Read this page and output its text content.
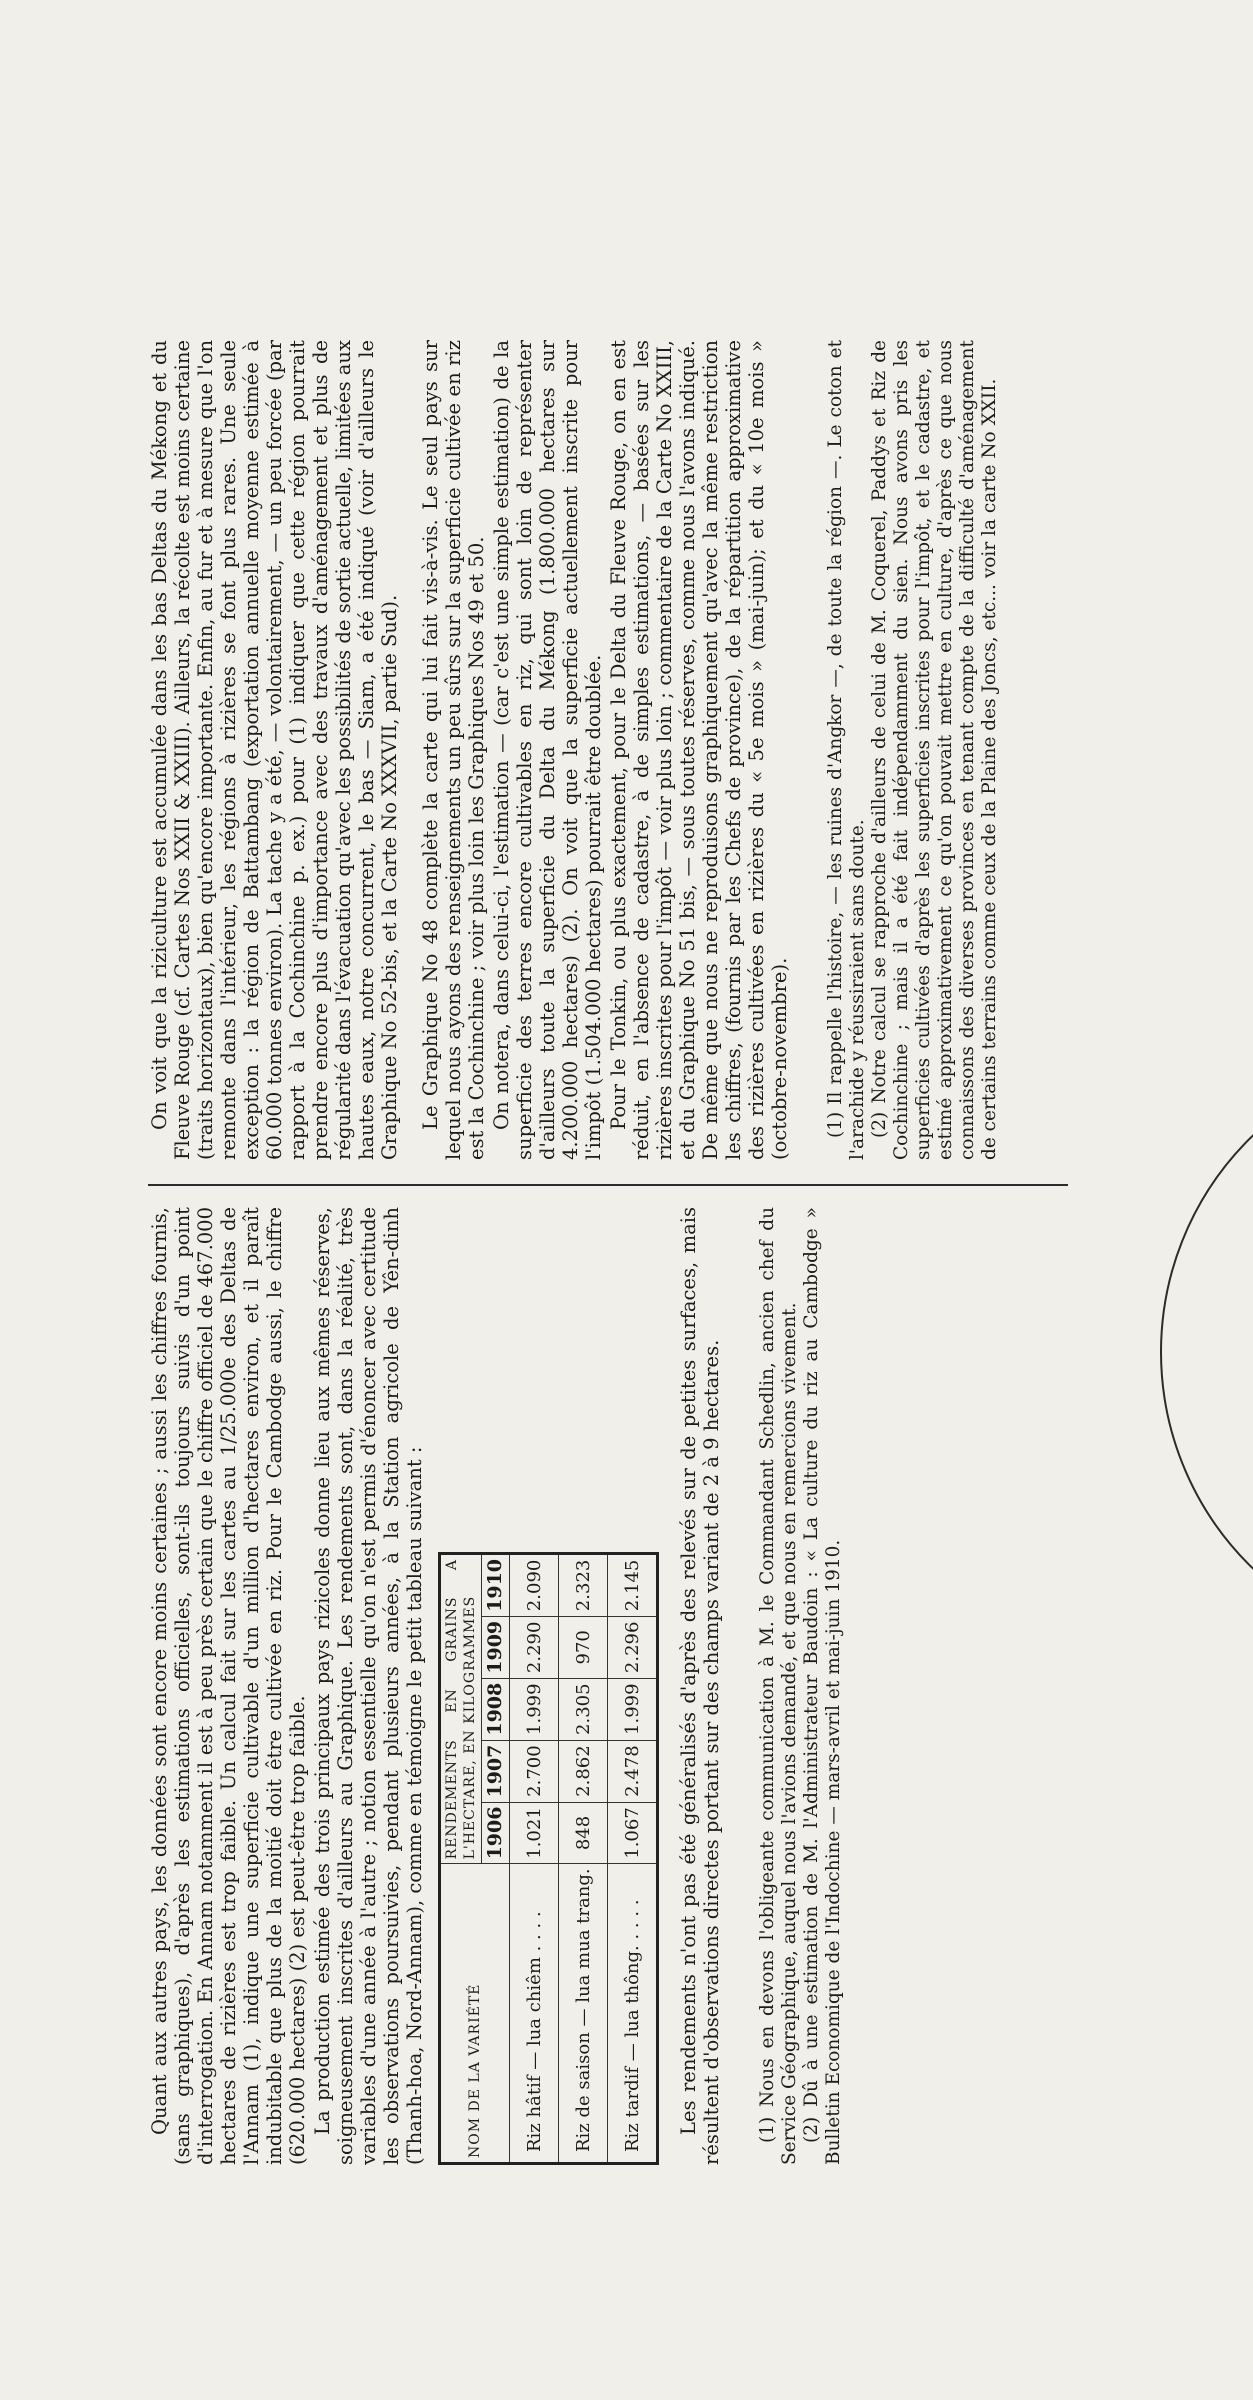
On voit que la riziculture est accumulée dans les bas Deltas du Mékong et du Fleuve Rouge (cf. Cartes Nos XXII & XXIII). Ailleurs, la récolte est moins certaine (traits horizontaux), bien qu'encore importante. Enfin, au fur et à mesure que l'on remonte dans l'intérieur, les régions à rizières se font plus rares. Une seule exception : la région de Battambang (exportation annuelle moyenne estimée à 60.000 tonnes environ). La tache y a été, — volontairement, — un peu forcée (par rapport à la Cochinchine p. ex.) pour (1) indiquer que cette région pourrait prendre encore plus d'importance avec des travaux d'aménagement et plus de régularité dans l'évacuation qu'avec les possibilités de sortie actuelle, limitées aux hautes eaux, notre concurrent, le bas — Siam, a été indiqué (voir d'ailleurs le Graphique No 52-bis, et la Carte No XXXVII, partie Sud). Le Graphique No 48 complète la carte qui lui fait vis-à-vis. Le seul pays sur lequel nous ayons des renseignements un peu sûrs sur la superficie cultivée en riz est la Cochinchine ; voir plus loin les Graphiques Nos 49 et 50. On notera, dans celui-ci, l'estimation — (car c'est une simple estimation) de la superficie des terres encore cultivables en riz, qui sont loin de représenter d'ailleurs toute la superficie du Delta du Mékong (1.800.000 hectares sur 4.200.000 hectares) (2). On voit que la superficie actuellement inscrite pour l'impôt (1.504.000 hectares) pourrait être doublée. Pour le Tonkin, ou plus exactement, pour le Delta du Fleuve Rouge, on en est réduit, en l'absence de cadastre, à de simples estimations, — basées sur les rizières inscrites pour l'impôt — voir plus loin ; commentaire de la Carte No XXIII, et du Graphique No 51 bis, — sous toutes réserves, comme nous l'avons indiqué. De même que nous ne reproduisons graphiquement qu'avec la même restriction les chiffres, (fournis par les Chefs de province), de la répartition approximative des rizières cultivées en rizières du « 5e mois » (mai-juin); et du « 10e mois » (octobre-novembre). (1) Il rappelle l'histoire, — les ruines d'Angkor —, de toute la région —. Le coton et l'arachide y réussiraient sans doute. (2) Notre calcul se rapproche d'ailleurs de celui de M. Coquerel, Paddys et Riz de Cochinchine ; mais il a été fait indépendamment du sien. Nous avons pris les superficies cultivées d'après les superficies inscrites pour l'impôt, et le cadastre, et estimé approximativement ce qu'on pouvait mettre en culture, d'après ce que nous connaissons des diverses provinces en tenant compte de la difficulté d'aménagement de certains terrains comme ceux de la Plaine des Joncs, etc... voir la carte No XXII.

Quant aux autres pays, les données sont encore moins certaines ; aussi les chiffres fournis, (sans graphiques), d'après les estimations officielles, sont-ils toujours suivis d'un point d'interrogation. En Annam notamment il est à peu près certain que le chiffre officiel de 467.000 hectares de rizières est trop faible. Un calcul fait sur les cartes au 1/25.000e des Deltas de l'Annam (1), indique une superficie cultivable d'un million d'hectares environ, et il paraît indubitable que plus de la moitié doit être cultivée en riz. Pour le Cambodge aussi, le chiffre (620.000 hectares) (2) est peut-être trop faible. La production estimée des trois principaux pays rizicoles donne lieu aux mêmes réserves, soigneusement inscrites d'ailleurs au Graphique. Les rendements sont, dans la réalité, très variables d'une année à l'autre ; notion essentielle qu'on n'est permis d'énoncer avec certitude les observations poursuivies, pendant plusieurs années, à la Station agricole de Yên-dinh (Thanh-hoa, Nord-Annam), comme en témoigne le petit tableau suivant :	NOM DE LA VARIÉTÉ	RENDEMENTS EN GRAINS A L'HECTARE, EN KILOGRAMMES				
	1906	1907	1908	1909	1910
Riz hâtif — lua chiêm . . . .	1.021	2.700	1.999	2.290	2.090
Riz de saison — lua mua trang.	848	2.862	2.305	970	2.323
Riz tardif — lua thông. . . . .	1.067	2.478	1.999	2.296	2.145 Les rendements n'ont pas été généralisés d'après des relevés sur de petites surfaces, mais résultent d'observations directes portant sur des champs variant de 2 à 9 hectares. (1) Nous en devons l'obligeante communication à M. le Commandant Schedlin, ancien chef du Service Géographique, auquel nous l'avions demandé, et que nous en remercions vivement. (2) Dû à une estimation de M. l'Administrateur Baudoin : « La culture du riz au Cambodge » Bulletin Economique de l'Indochine — mars-avril et mai-juin 1910.
